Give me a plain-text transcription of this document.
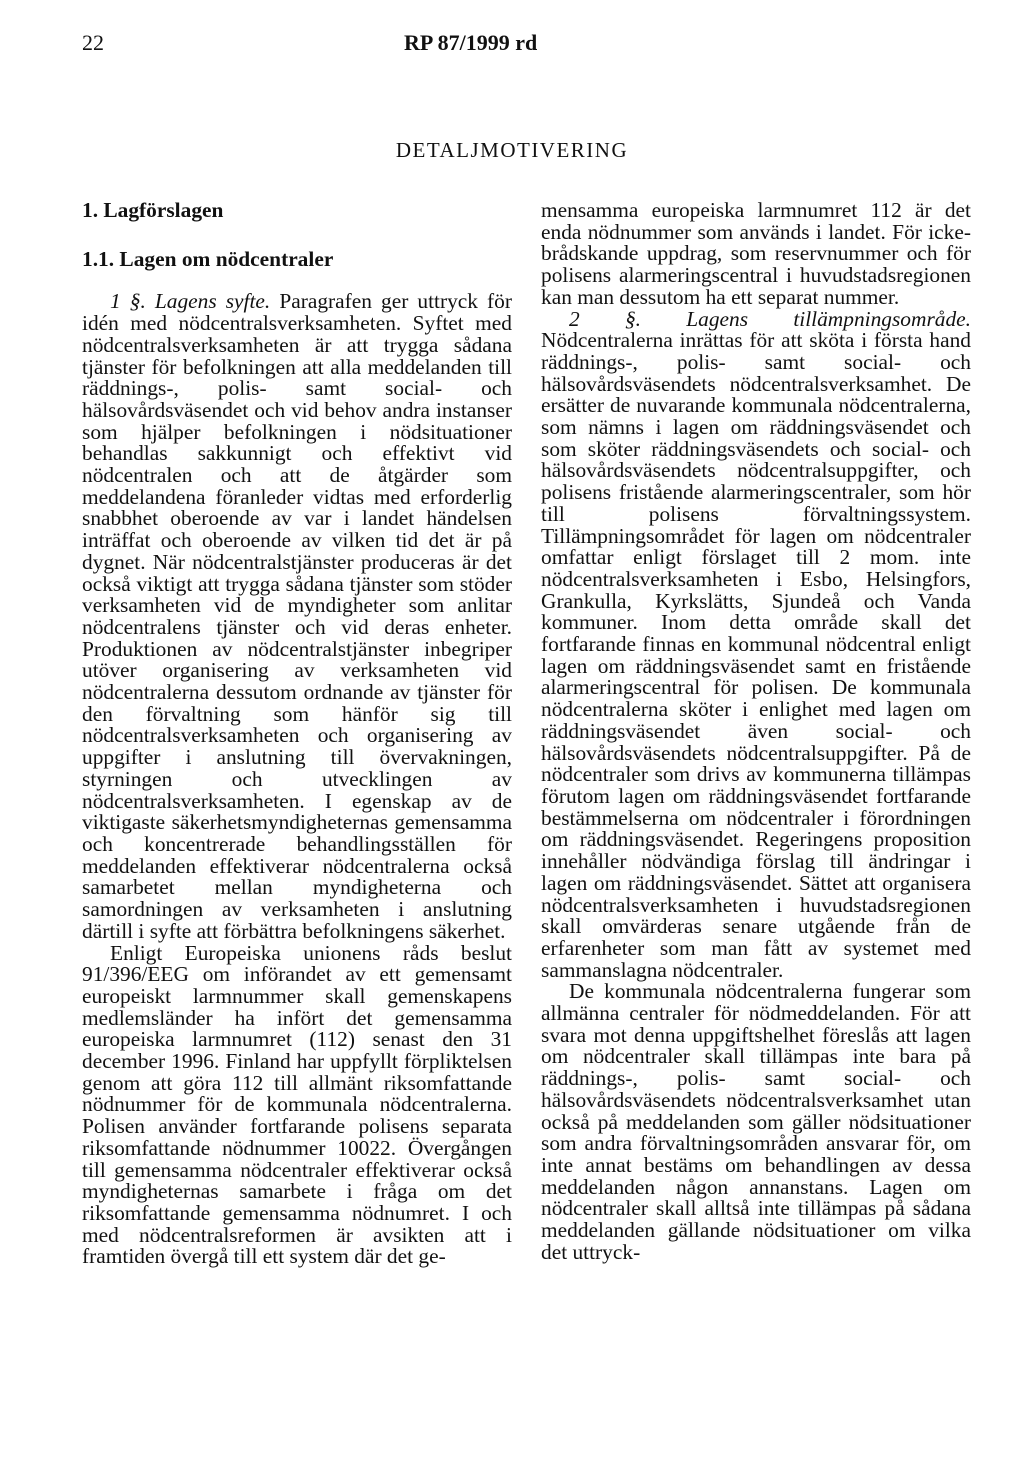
22	RP 87/1999 rd
DETALJMOTIVERING

1. Lagförslagen

1.1. Lagen om nödcentraler

1 §. Lagens syfte. Paragrafen ger uttryck för idén med nödcentralsverksamheten. Syftet med nödcentralsverksamheten är att trygga sådana tjänster för befolkningen att alla meddelanden till räddnings-, polis- samt social- och hälsovårdsväsendet och vid behov andra instanser som hjälper befolkningen i nödsituationer behandlas sakkunnigt och effektivt vid nödcentralen och att de åtgärder som meddelandena föranleder vidtas med erforderlig snabbhet oberoende av var i landet händelsen inträffat och oberoende av vilken tid det är på dygnet. När nödcentralstjänster produceras är det också viktigt att trygga sådana tjänster som stöder verksamheten vid de myndigheter som anlitar nödcentralens tjänster och vid deras enheter. Produktionen av nödcentralstjänster inbegriper utöver organisering av verksamheten vid nödcentralerna dessutom ordnande av tjänster för den förvaltning som hänför sig till nödcentralsverksamheten och organisering av uppgifter i anslutning till övervakningen, styrningen och utvecklingen av nödcentralsverksamheten. I egenskap av de viktigaste säkerhetsmyndigheternas gemensamma och koncentrerade behandlingsställen för meddelanden effektiverar nödcentralerna också samarbetet mellan myndigheterna och samordningen av verksamheten i anslutning därtill i syfte att förbättra befolkningens säkerhet.

Enligt Europeiska unionens råds beslut 91/396/EEG om införandet av ett gemensamt europeiskt larmnummer skall gemenskapens medlemsländer ha infört det gemensamma europeiska larmnumret (112) senast den 31 december 1996. Finland har uppfyllt förpliktelsen genom att göra 112 till allmänt riksomfattande nödnummer för de kommunala nödcentralerna. Polisen använder fortfarande polisens separata riksomfattande nödnummer 10022. Övergången till gemensamma nödcentraler effektiverar också myndigheternas samarbete i fråga om det riksomfattande gemensamma nödnumret. I och med nödcentralsreformen är avsikten att i framtiden övergå till ett system där det ge-

mensamma europeiska larmnumret 112 är det enda nödnummer som används i landet. För icke-brådskande uppdrag, som reservnummer och för polisens alarmeringscentral i huvudstadsregionen kan man dessutom ha ett separat nummer.

2 §. Lagens tillämpningsområde. Nödcentralerna inrättas för att sköta i första hand räddnings-, polis- samt social- och hälsovårdsväsendets nödcentralsverksamhet. De ersätter de nuvarande kommunala nödcentralerna, som nämns i lagen om räddningsväsendet och som sköter räddningsväsendets och social- och hälsovårdsväsendets nödcentralsuppgifter, och polisens fristående alarmeringscentraler, som hör till polisens förvaltningssystem. Tillämpningsområdet för lagen om nödcentraler omfattar enligt förslaget till 2 mom. inte nödcentralsverksamheten i Esbo, Helsingfors, Grankulla, Kyrkslätts, Sjundeå och Vanda kommuner. Inom detta område skall det fortfarande finnas en kommunal nödcentral enligt lagen om räddningsväsendet samt en fristående alarmeringscentral för polisen. De kommunala nödcentralerna sköter i enlighet med lagen om räddningsväsendet även social- och hälsovårdsväsendets nödcentralsuppgifter. På de nödcentraler som drivs av kommunerna tillämpas förutom lagen om räddningsväsendet fortfarande bestämmelserna om nödcentraler i förordningen om räddningsväsendet. Regeringens proposition innehåller nödvändiga förslag till ändringar i lagen om räddningsväsendet. Sättet att organisera nödcentralsverksamheten i huvudstadsregionen skall omvärderas senare utgående från de erfarenheter som man fått av systemet med sammanslagna nödcentraler.

De kommunala nödcentralerna fungerar som allmänna centraler för nödmeddelanden. För att svara mot denna uppgiftshelhet föreslås att lagen om nödcentraler skall tillämpas inte bara på räddnings-, polis- samt social- och hälsovårdsväsendets nödcentralsverksamhet utan också på meddelanden som gäller nödsituationer som andra förvaltningsområden ansvarar för, om inte annat bestäms om behandlingen av dessa meddelanden någon annanstans. Lagen om nödcentraler skall alltså inte tillämpas på sådana meddelanden gällande nödsituationer om vilka det uttryck-
